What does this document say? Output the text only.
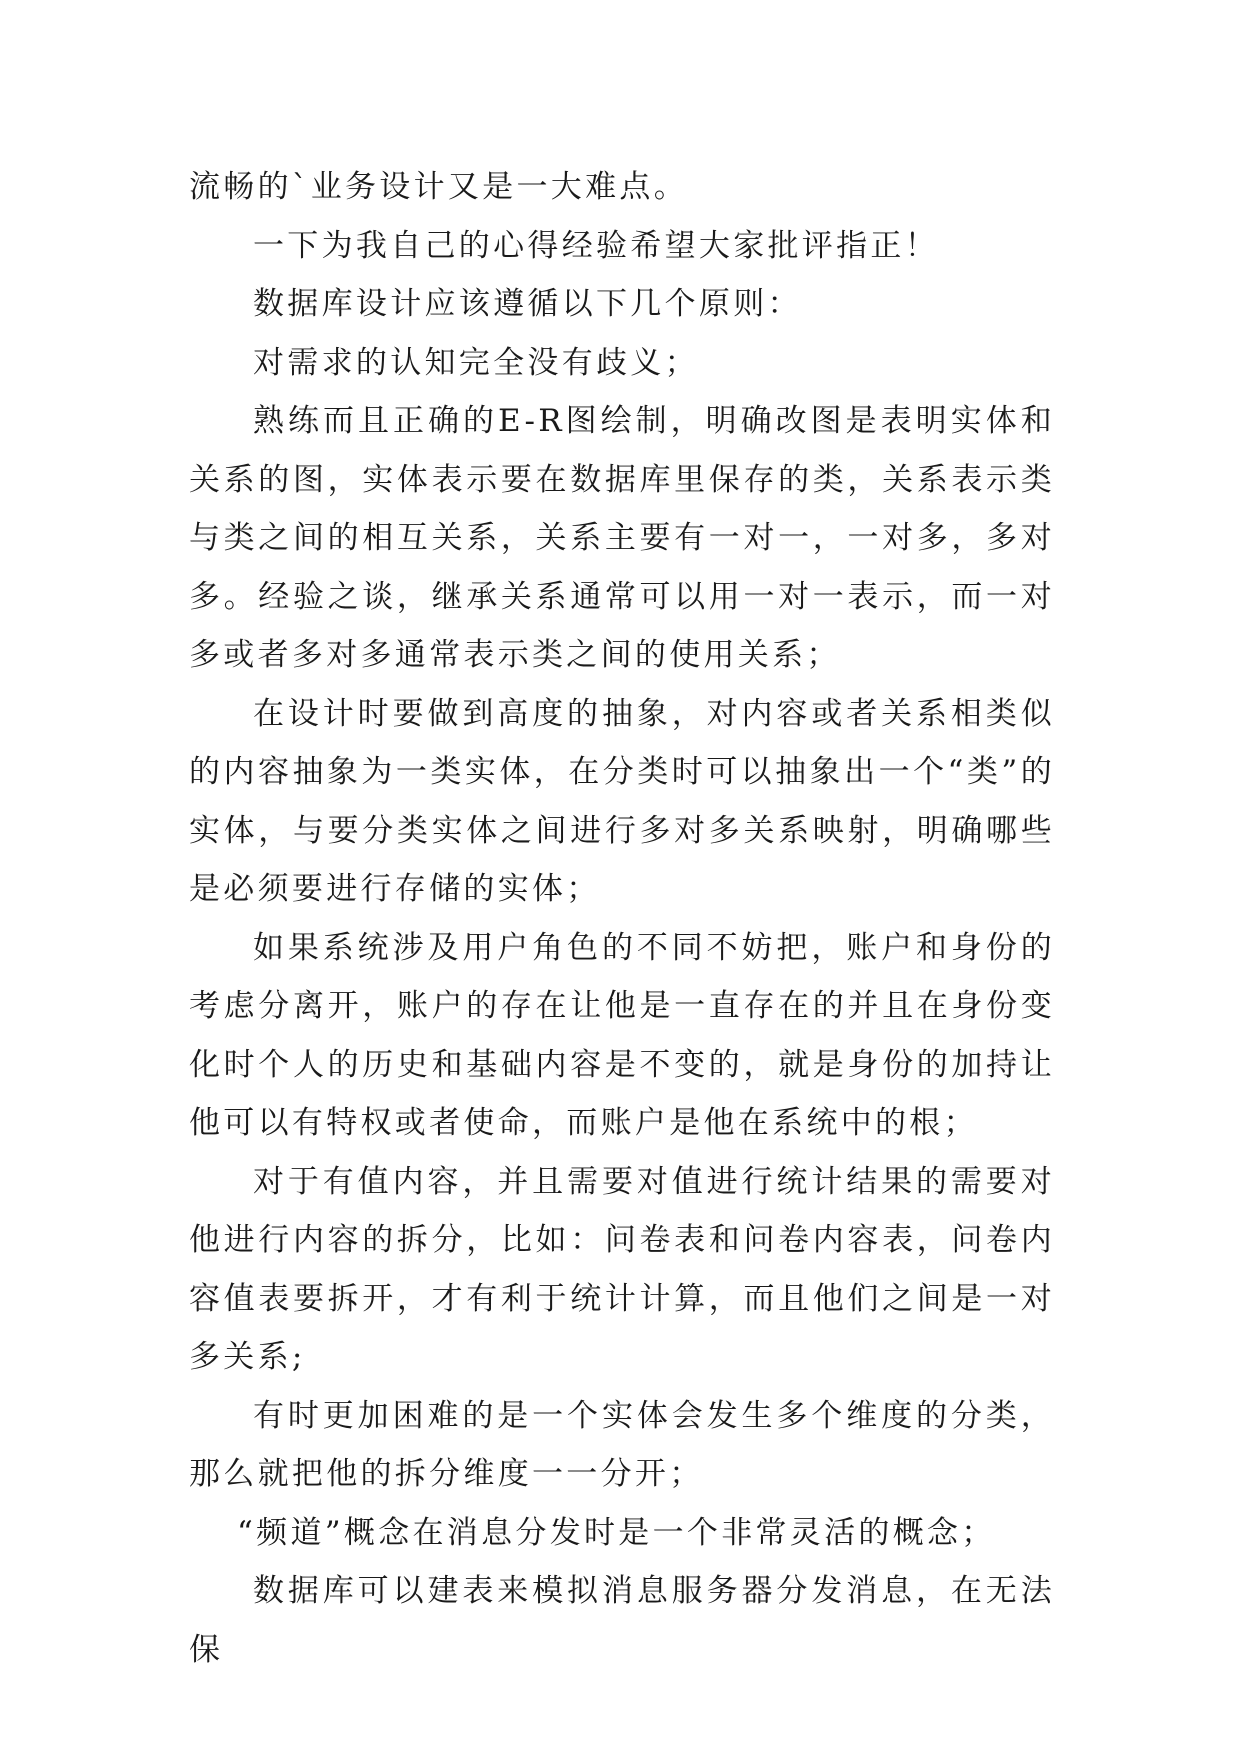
流畅的`业务设计又是一大难点。

一下为我自己的心得经验希望大家批评指正！

数据库设计应该遵循以下几个原则：

对需求的认知完全没有歧义；

熟练而且正确的E-R图绘制，明确改图是表明实体和关系的图，实体表示要在数据库里保存的类，关系表示类与类之间的相互关系，关系主要有一对一，一对多，多对多。经验之谈，继承关系通常可以用一对一表示，而一对多或者多对多通常表示类之间的使用关系；

在设计时要做到高度的抽象，对内容或者关系相类似的内容抽象为一类实体，在分类时可以抽象出一个“类”的实体，与要分类实体之间进行多对多关系映射，明确哪些是必须要进行存储的实体；

如果系统涉及用户角色的不同不妨把，账户和身份的考虑分离开，账户的存在让他是一直存在的并且在身份变化时个人的历史和基础内容是不变的，就是身份的加持让他可以有特权或者使命，而账户是他在系统中的根；

对于有值内容，并且需要对值进行统计结果的需要对他进行内容的拆分，比如：问卷表和问卷内容表，问卷内容值表要拆开，才有利于统计计算，而且他们之间是一对多关系;

有时更加困难的是一个实体会发生多个维度的分类，那么就把他的拆分维度一一分开；

“频道”概念在消息分发时是一个非常灵活的概念；

数据库可以建表来模拟消息服务器分发消息，在无法保
